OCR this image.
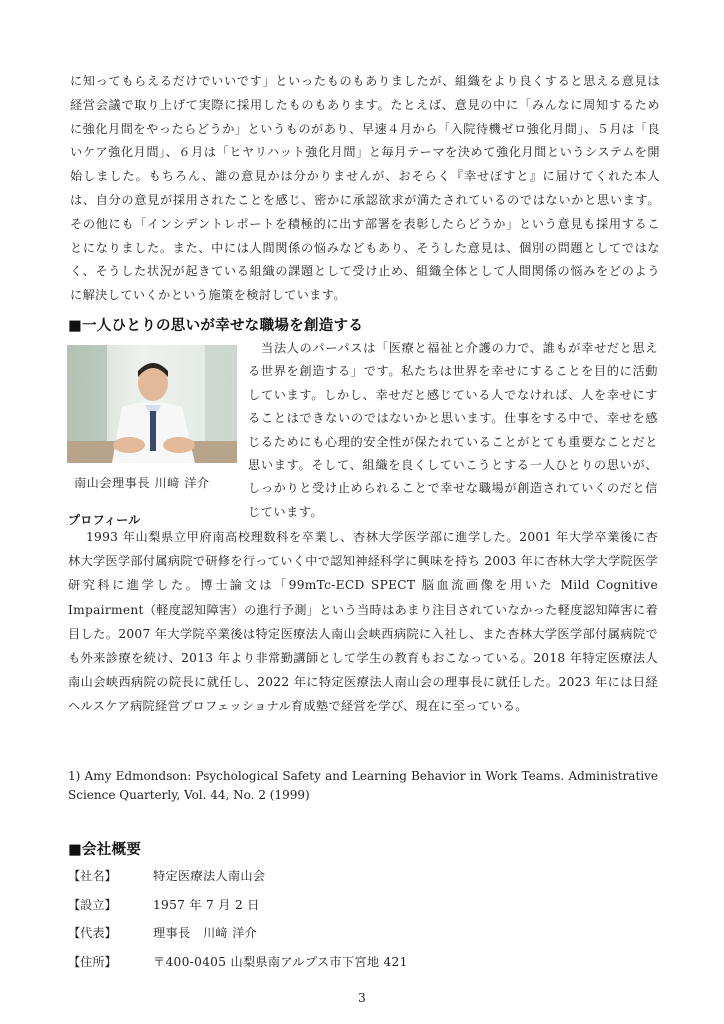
に知ってもらえるだけでいいです」といったものもありましたが、組織をより良くすると思える意見は経営会議で取り上げて実際に採用したものもあります。たとえば、意見の中に「みんなに周知するために強化月間をやったらどうか」というものがあり、早速４月から「入院待機ゼロ強化月間」、５月は「良いケア強化月間」、６月は「ヒヤリハット強化月間」と毎月テーマを決めて強化月間というシステムを開始しました。もちろん、誰の意見かは分かりませんが、おそらく『幸せぽすと』に届けてくれた本人は、自分の意見が採用されたことを感じ、密かに承認欲求が満たされているのではないかと思います。その他にも「インシデントレポートを積極的に出す部署を表彰したらどうか」という意見も採用することになりました。また、中には人間関係の悩みなどもあり、そうした意見は、個別の問題としてではなく、そうした状況が起きている組織の課題として受け止め、組織全体として人間関係の悩みをどのように解決していくかという施策を検討しています。

■一人ひとりの思いが幸せな職場を創造する

南山会理事長 川﨑 洋介

当法人のパーパスは「医療と福祉と介護の力で、誰もが幸せだと思える世界を創造する」です。私たちは世界を幸せにすることを目的に活動しています。しかし、幸せだと感じている人でなければ、人を幸せにすることはできないのではないかと思います。仕事をする中で、幸せを感じるためにも心理的安全性が保たれていることがとても重要なことだと思います。そして、組織を良くしていこうとする一人ひとりの思いが、しっかりと受け止められることで幸せな職場が創造されていくのだと信じています。

プロフィール

1993 年山梨県立甲府南高校理数科を卒業し、杏林大学医学部に進学した。2001 年大学卒業後に杏林大学医学部付属病院で研修を行っていく中で認知神経科学に興味を持ち 2003 年に杏林大学大学院医学研究科に進学した。博士論文は「99mTc-ECD SPECT 脳血流画像を用いた Mild Cognitive Impairment（軽度認知障害）の進行予測」という当時はあまり注目されていなかった軽度認知障害に着目した。2007 年大学院卒業後は特定医療法人南山会峡西病院に入社し、また杏林大学医学部付属病院でも外来診療を続け、2013 年より非常勤講師として学生の教育もおこなっている。2018 年特定医療法人南山会峡西病院の院長に就任し、2022 年に特定医療法人南山会の理事長に就任した。2023 年には日経ヘルスケア病院経営プロフェッショナル育成塾で経営を学び、現在に至っている。

1) Amy Edmondson: Psychological Safety and Learning Behavior in Work Teams. Administrative Science Quarterly, Vol. 44, No. 2 (1999)

■会社概要
【社名】	特定医療法人南山会
【設立】	1957 年 7 月 2 日
【代表】	理事長　川﨑 洋介
【住所】	〒400-0405 山梨県南アルプス市下宮地 421

3
